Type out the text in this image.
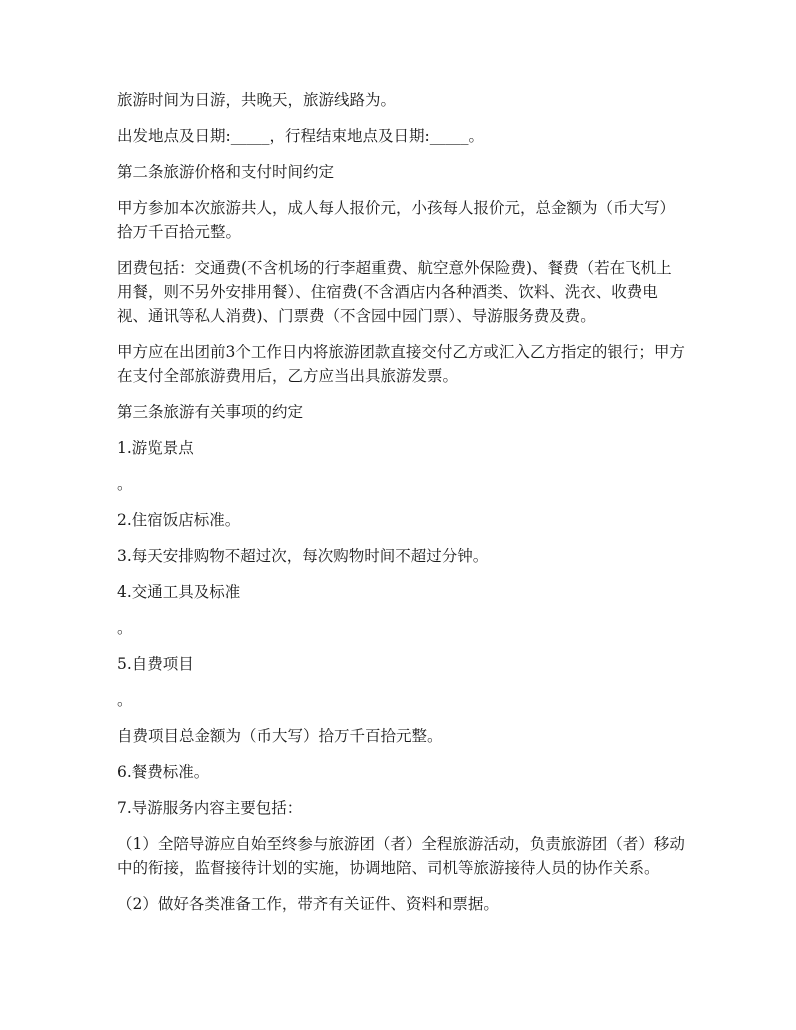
旅游时间为日游，共晚天，旅游线路为。

出发地点及日期:_____，行程结束地点及日期:_____。

第二条旅游价格和支付时间约定

甲方参加本次旅游共人，成人每人报价元，小孩每人报价元，总金额为（币大写）拾万千百拾元整。

团费包括：交通费(不含机场的行李超重费、航空意外保险费)、餐费（若在飞机上用餐，则不另外安排用餐）、住宿费(不含酒店内各种酒类、饮料、洗衣、收费电视、通讯等私人消费)、门票费（不含园中园门票）、导游服务费及费。

甲方应在出团前3个工作日内将旅游团款直接交付乙方或汇入乙方指定的银行；甲方在支付全部旅游费用后，乙方应当出具旅游发票。

第三条旅游有关事项的约定

1.游览景点

。

2.住宿饭店标准。

3.每天安排购物不超过次，每次购物时间不超过分钟。

4.交通工具及标准

。

5.自费项目

。

自费项目总金额为（币大写）拾万千百拾元整。

6.餐费标准。

7.导游服务内容主要包括：

（1）全陪导游应自始至终参与旅游团（者）全程旅游活动，负责旅游团（者）移动中的衔接，监督接待计划的实施，协调地陪、司机等旅游接待人员的协作关系。

（2）做好各类准备工作，带齐有关证件、资料和票据。
